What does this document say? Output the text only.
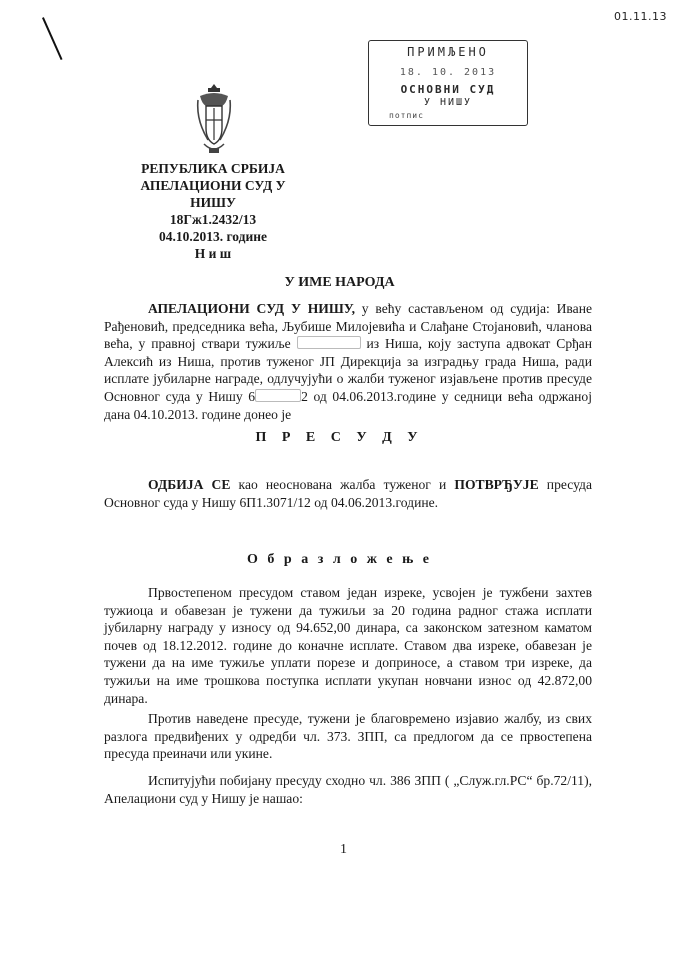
01.11.13
ПРИМЉЕНО
18. 10. 2013
ОСНОВНИ СУД
У НИШУ
потпис
РЕПУБЛИКА СРБИЈА
АПЕЛАЦИОНИ СУД У НИШУ
18Гж1.2432/13
04.10.2013. године
Н и ш
У ИМЕ НАРОДА
АПЕЛАЦИОНИ СУД У НИШУ, у већу састављеном од судија: Иване Рађеновић, председника већа, Љубише Милојевића и Слађане Стојановић, чланова већа, у правној ствари тужиље	из Ниша, коју заступа адвокат Срђан Алексић из Ниша, против туженог ЈП Дирекција за изградњу града Ниша, ради исплате јубиларне награде, одлучујући о жалби туженог изјављене против пресуде Основног суда у Нишу 6	2 од 04.06.2013.године у седници већа одржаној дана 04.10.2013. године донео је
П Р Е С У Д У
ОДБИЈА СЕ као неоснована жалба туженог и ПОТВРЂУЈЕ пресуда Основног суда у Нишу 6П1.3071/12 од 04.06.2013.године.
О б р а з л о ж е њ е
Првостепеном пресудом ставом један изреке, усвојен је тужбени захтев тужиоца и обавезан је тужени да тужиљи за 20 година радног стажа исплати јубиларну награду у износу од 94.652,00 динара, са законском затезном каматом почев од 18.12.2012. године до коначне исплате. Ставом два изреке, обавезан је тужени да на име тужиље уплати порезе и доприносе, а ставом три изреке, да тужиљи на име трошкова поступка исплати укупан новчани износ од 42.872,00 динара.
Против наведене пресуде, тужени је благовремено изјавио жалбу, из свих разлога предвиђених у одредби чл. 373. ЗПП, са предлогом да се првостепена пресуда преиначи или укине.
Испитујући побијану пресуду сходно чл. 386 ЗПП ( „Служ.гл.РС“ бр.72/11), Апелациони суд у Нишу је нашао:
1
